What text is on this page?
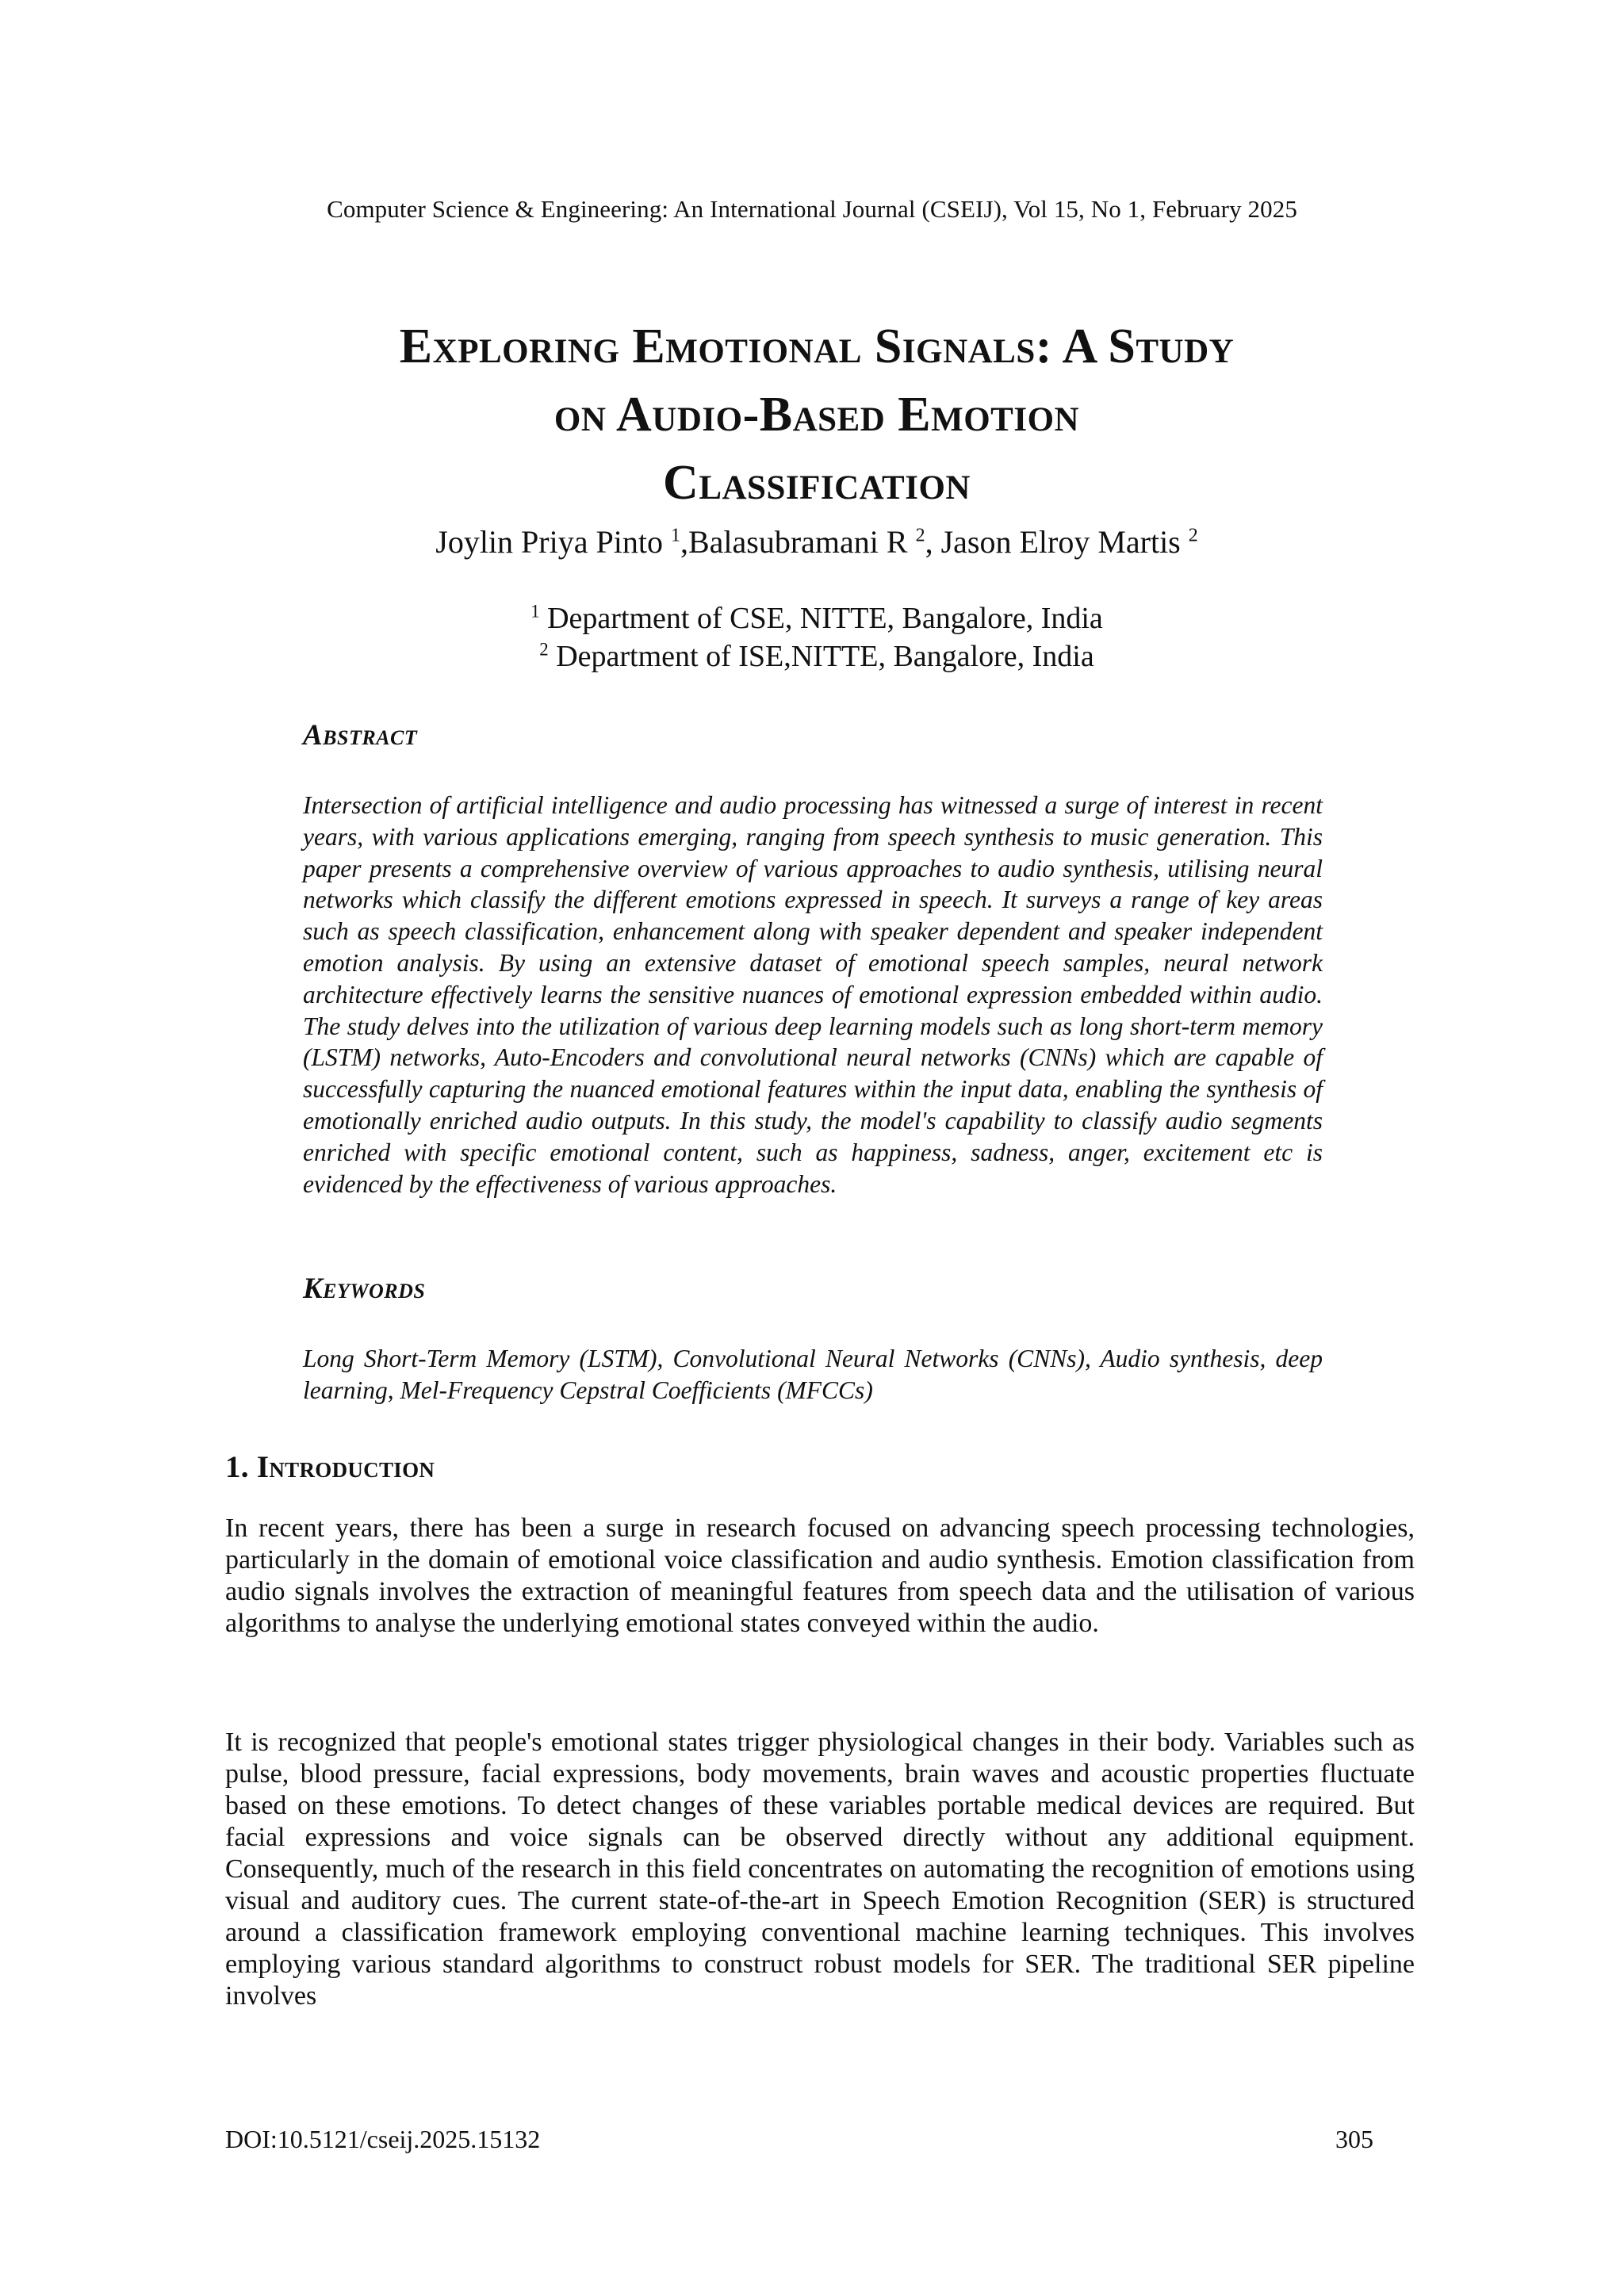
Computer Science & Engineering: An International Journal (CSEIJ), Vol 15, No 1, February 2025
Exploring Emotional Signals: A Study
on Audio-Based Emotion
Classification
Joylin Priya Pinto $^1$,Balasubramani R $^2$, Jason Elroy Martis $^2$
$^1$ Department of CSE, NITTE, Bangalore, India
$^2$ Department of ISE,NITTE, Bangalore, India
Abstract
Intersection of artificial intelligence and audio processing has witnessed a surge of interest in recent years, with various applications emerging, ranging from speech synthesis to music generation. This paper presents a comprehensive overview of various approaches to audio synthesis, utilising neural networks which classify the different emotions expressed in speech. It surveys a range of key areas such as speech classification, enhancement along with speaker dependent and speaker independent emotion analysis. By using an extensive dataset of emotional speech samples, neural network architecture effectively learns the sensitive nuances of emotional expression embedded within audio. The study delves into the utilization of various deep learning models such as long short-term memory (LSTM) networks, Auto-Encoders and convolutional neural networks (CNNs) which are capable of successfully capturing the nuanced emotional features within the input data, enabling the synthesis of emotionally enriched audio outputs. In this study, the model's capability to classify audio segments enriched with specific emotional content, such as happiness, sadness, anger, excitement etc is evidenced by the effectiveness of various approaches.
Keywords
Long Short-Term Memory (LSTM), Convolutional Neural Networks (CNNs), Audio synthesis, deep learning, Mel-Frequency Cepstral Coefficients (MFCCs)
1. Introduction
In recent years, there has been a surge in research focused on advancing speech processing technologies, particularly in the domain of emotional voice classification and audio synthesis. Emotion classification from audio signals involves the extraction of meaningful features from speech data and the utilisation of various algorithms to analyse the underlying emotional states conveyed within the audio.
It is recognized that people's emotional states trigger physiological changes in their body. Variables such as pulse, blood pressure, facial expressions, body movements, brain waves and acoustic properties fluctuate based on these emotions. To detect changes of these variables portable medical devices are required. But facial expressions and voice signals can be observed directly without any additional equipment. Consequently, much of the research in this field concentrates on automating the recognition of emotions using visual and auditory cues. The current state-of-the-art in Speech Emotion Recognition (SER) is structured around a classification framework employing conventional machine learning techniques. This involves employing various standard algorithms to construct robust models for SER. The traditional SER pipeline involves
DOI:10.5121/cseij.2025.15132	305
